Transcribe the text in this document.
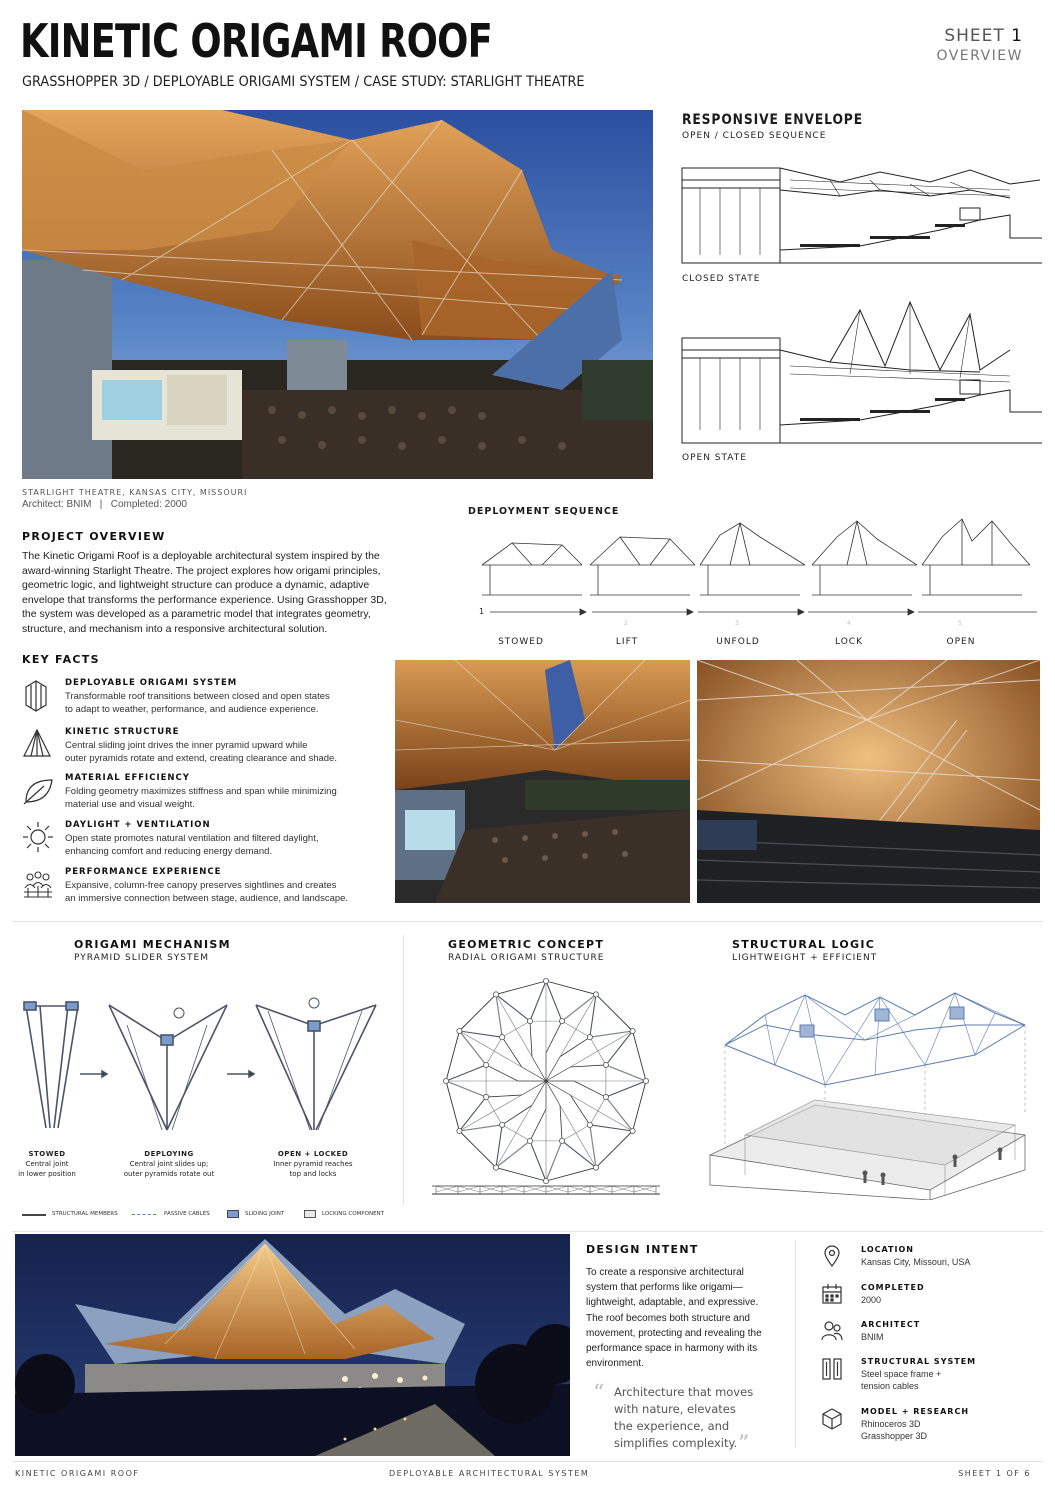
KINETIC ORIGAMI ROOF
GRASSHOPPER 3D / DEPLOYABLE ORIGAMI SYSTEM / CASE STUDY: STARLIGHT THEATRE
SHEET 1
OVERVIEW
STARLIGHT THEATRE, KANSAS CITY, MISSOURI
Architect: BNIM   |   Completed: 2000
RESPONSIVE ENVELOPE
OPEN / CLOSED SEQUENCE
CLOSED STATE
OPEN STATE
PROJECT OVERVIEW
The Kinetic Origami Roof is a deployable architectural system inspired by the award-winning Starlight Theatre. The project explores how origami principles, geometric logic, and lightweight structure can produce a dynamic, adaptive envelope that transforms the performance experience. Using Grasshopper 3D, the system was developed as a parametric model that integrates geometry, structure, and mechanism into a responsive architectural solution.
DEPLOYMENT SEQUENCE
1
STOWED	LIFT	UNFOLD	LOCK	OPEN
2	3	4	5
KEY FACTS
DEPLOYABLE ORIGAMI SYSTEM
Transformable roof transitions between closed and open states
to adapt to weather, performance, and audience experience.
KINETIC STRUCTURE
Central sliding joint drives the inner pyramid upward while
outer pyramids rotate and extend, creating clearance and shade.
MATERIAL EFFICIENCY
Folding geometry maximizes stiffness and span while minimizing
material use and visual weight.
DAYLIGHT + VENTILATION
Open state promotes natural ventilation and filtered daylight,
enhancing comfort and reducing energy demand.
PERFORMANCE EXPERIENCE
Expansive, column-free canopy preserves sightlines and creates
an immersive connection between stage, audience, and landscape.
ORIGAMI MECHANISM
PYRAMID SLIDER SYSTEM
STOWED
Central joint
in lower position
DEPLOYING
Central joint slides up;
outer pyramids rotate out
OPEN + LOCKED
Inner pyramid reaches
top and locks
STRUCTURAL MEMBERS	PASSIVE CABLES	SLIDING JOINT	LOCKING COMPONENT
GEOMETRIC CONCEPT
RADIAL ORIGAMI STRUCTURE
STRUCTURAL LOGIC
LIGHTWEIGHT + EFFICIENT
DESIGN INTENT
To create a responsive architectural system that performs like origami—lightweight, adaptable, and expressive. The roof becomes both structure and movement, protecting and revealing the performance space in harmony with its environment.
“ Architecture that moves
with nature, elevates
the experience, and
simplifies complexity. ”
LOCATION
Kansas City, Missouri, USA
COMPLETED
2000
ARCHITECT
BNIM
STRUCTURAL SYSTEM
Steel space frame +
tension cables
MODEL + RESEARCH
Rhinoceros 3D
Grasshopper 3D
KINETIC ORIGAMI ROOF	DEPLOYABLE ARCHITECTURAL SYSTEM	SHEET 1 OF 6
